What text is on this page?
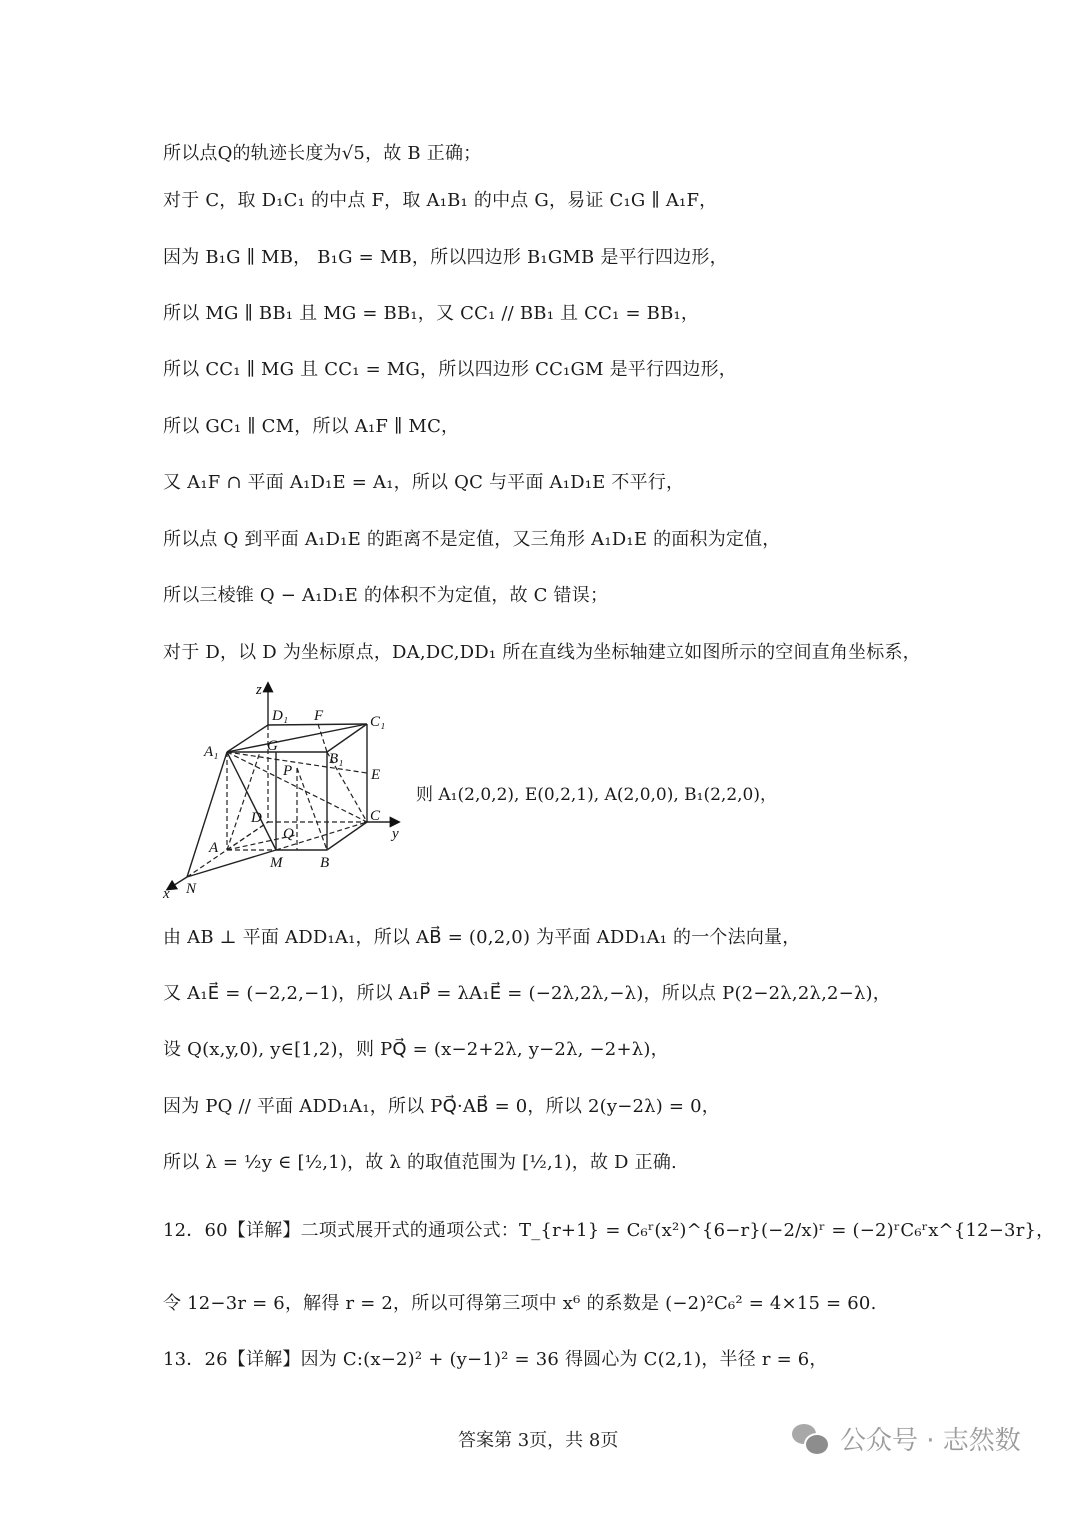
所以点Q的轨迹长度为√5，故 B 正确；
对于 C，取 D₁C₁ 的中点 F，取 A₁B₁ 的中点 G，易证 C₁G ∥ A₁F，
因为 B₁G ∥ MB， B₁G = MB，所以四边形 B₁GMB 是平行四边形，
所以 MG ∥ BB₁ 且 MG = BB₁，又 CC₁ // BB₁ 且 CC₁ = BB₁，
所以 CC₁ ∥ MG 且 CC₁ = MG，所以四边形 CC₁GM 是平行四边形，
所以 GC₁ ∥ CM，所以 A₁F ∥ MC，
又 A₁F ∩ 平面 A₁D₁E = A₁，所以 QC 与平面 A₁D₁E 不平行，
所以点 Q 到平面 A₁D₁E 的距离不是定值，又三角形 A₁D₁E 的面积为定值，
所以三棱锥 Q − A₁D₁E 的体积不为定值，故 C 错误；
对于 D，以 D 为坐标原点，DA,DC,DD₁ 所在直线为坐标轴建立如图所示的空间直角坐标系，
由 AB ⊥ 平面 ADD₁A₁，所以 AB⃗ = (0,2,0) 为平面 ADD₁A₁ 的一个法向量，
又 A₁E⃗ = (−2,2,−1)，所以 A₁P⃗ = λA₁E⃗ = (−2λ,2λ,−λ)，所以点 P(2−2λ,2λ,2−λ)，
设 Q(x,y,0), y∈[1,2)，则 PQ⃗ = (x−2+2λ, y−2λ, −2+λ)，
因为 PQ // 平面 ADD₁A₁，所以 PQ⃗·AB⃗ = 0，所以 2(y−2λ) = 0，
所以 λ = ½y ∈ [½,1)，故 λ 的取值范围为 [½,1)，故 D 正确.
12．60【详解】二项式展开式的通项公式：T_{r+1} = C₆ʳ(x²)^{6−r}(−2/x)ʳ = (−2)ʳC₆ʳx^{12−3r}，
令 12−3r = 6，解得 r = 2，所以可得第三项中 x⁶ 的系数是 (−2)²C₆² = 4×15 = 60.
13．26【详解】因为 C:(x−2)² + (y−1)² = 36 得圆心为 C(2,1)，半径 r = 6，
z
y
x
D₁ F	C₁
A₁	G
B₁
P	E
D	C
A
Q
M	B
N
则 A₁(2,0,2), E(0,2,1), A(2,0,0), B₁(2,2,0)，
答案第 3页，共 8页	公众号 · 志然数
